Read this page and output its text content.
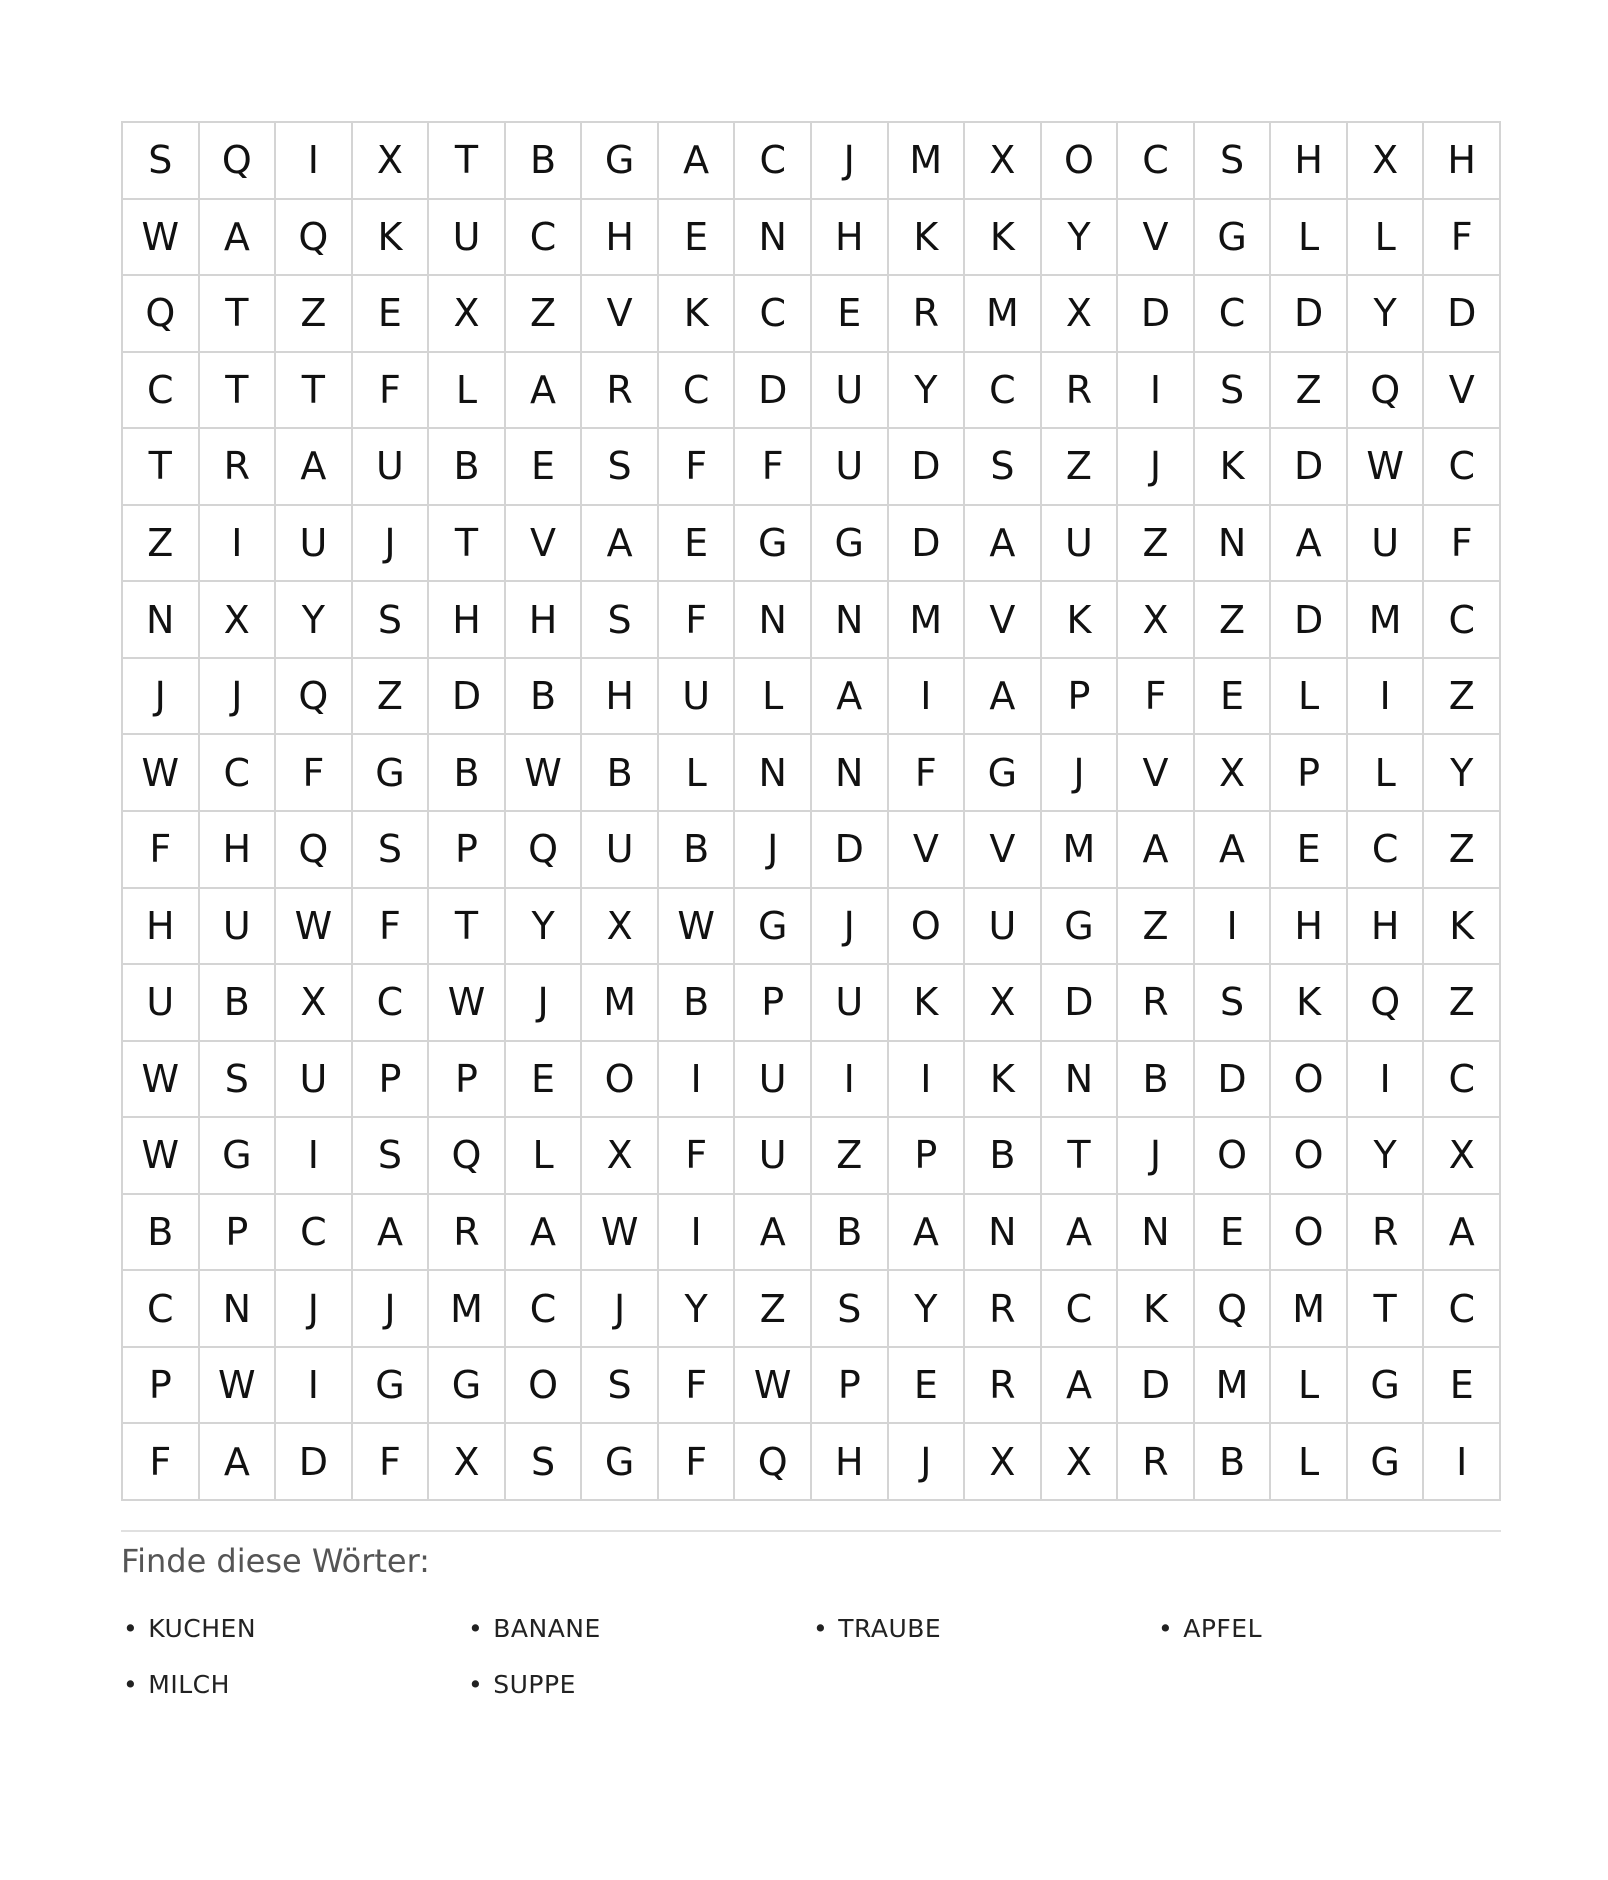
S	Q	I	X	T	B	G	A	C	J	M	X	O	C	S	H	X	H
W	A	Q	K	U	C	H	E	N	H	K	K	Y	V	G	L	L	F
Q	T	Z	E	X	Z	V	K	C	E	R	M	X	D	C	D	Y	D
C	T	T	F	L	A	R	C	D	U	Y	C	R	I	S	Z	Q	V
T	R	A	U	B	E	S	F	F	U	D	S	Z	J	K	D	W	C
Z	I	U	J	T	V	A	E	G	G	D	A	U	Z	N	A	U	F
N	X	Y	S	H	H	S	F	N	N	M	V	K	X	Z	D	M	C
J	J	Q	Z	D	B	H	U	L	A	I	A	P	F	E	L	I	Z
W	C	F	G	B	W	B	L	N	N	F	G	J	V	X	P	L	Y
F	H	Q	S	P	Q	U	B	J	D	V	V	M	A	A	E	C	Z
H	U	W	F	T	Y	X	W	G	J	O	U	G	Z	I	H	H	K
U	B	X	C	W	J	M	B	P	U	K	X	D	R	S	K	Q	Z
W	S	U	P	P	E	O	I	U	I	I	K	N	B	D	O	I	C
W	G	I	S	Q	L	X	F	U	Z	P	B	T	J	O	O	Y	X
B	P	C	A	R	A	W	I	A	B	A	N	A	N	E	O	R	A
C	N	J	J	M	C	J	Y	Z	S	Y	R	C	K	Q	M	T	C
P	W	I	G	G	O	S	F	W	P	E	R	A	D	M	L	G	E
F	A	D	F	X	S	G	F	Q	H	J	X	X	R	B	L	G	I
Finde diese Wörter:
• KUCHEN	• BANANE	• TRAUBE	• APFEL
• MILCH	• SUPPE
